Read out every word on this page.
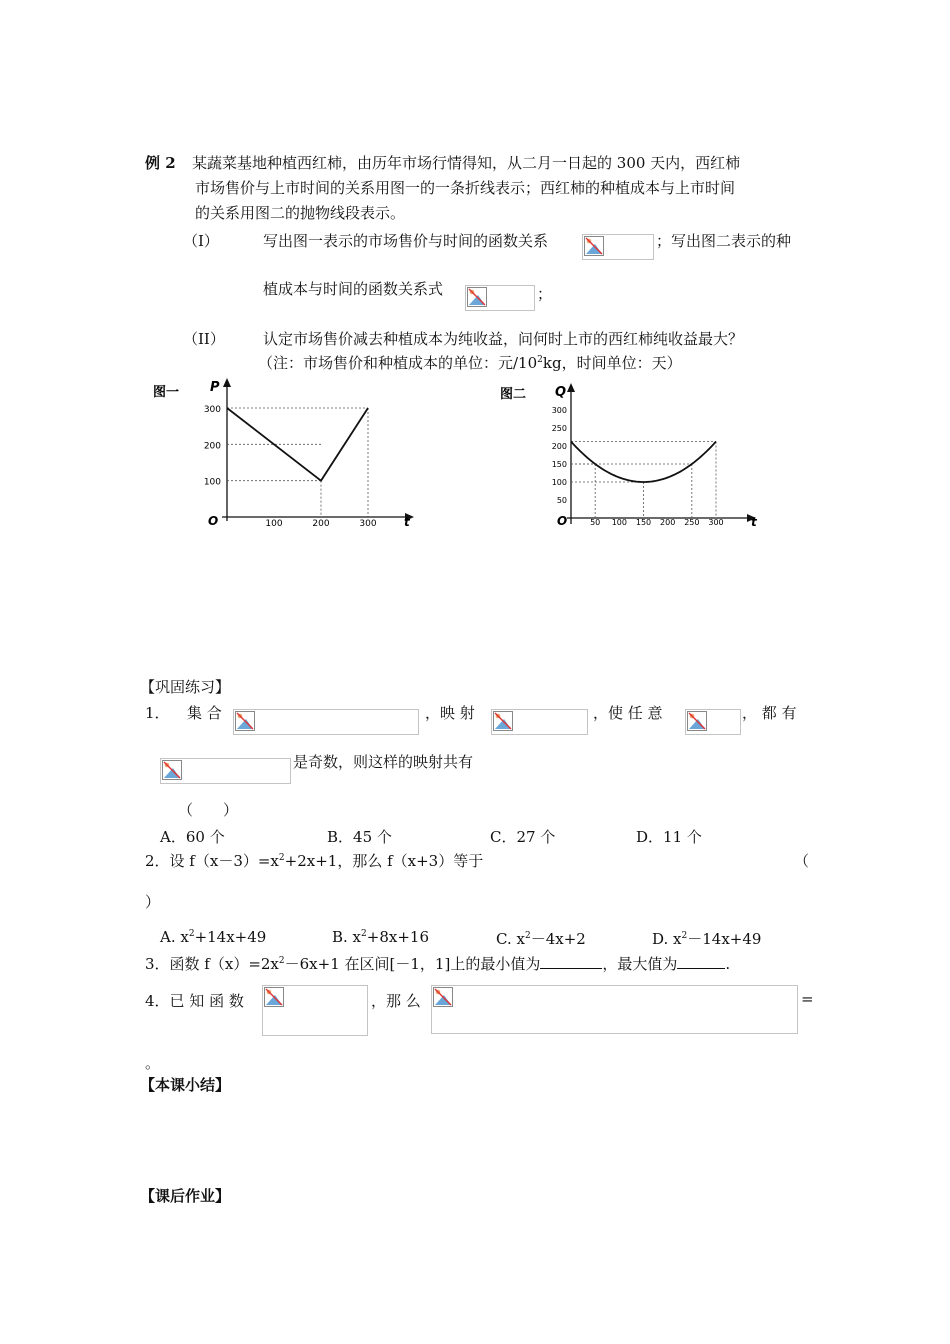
例 2 某蔬菜基地种植西红柿，由历年市场行情得知，从二月一日起的 300 天内，西红柿
市场售价与上市时间的关系用图一的一条折线表示；西红柿的种植成本与上市时间
的关系用图二的抛物线段表示。
（I）	写出图一表示的市场售价与时间的函数关系	；写出图二表示的种
植成本与时间的函数关系式	；
（II）	认定市场售价减去种植成本为纯收益，问何时上市的西红柿纯收益最大？
（注：市场售价和种植成本的单位：元$/10^2kg$，时间单位：天）
图一 P
t
O
100
200
300
100	200	300
图二 Q
t
O
50
100
150
200
250
300
50 100 150 200 250 300
【巩固练习】
1． 集 合	，映 射	，使 任 意	， 都 有
是奇数，则这样的映射共有
（　　）
A．60 个	B．45 个	C．27 个	D．11 个
2．设 $f(x-3)=x^2+2x+1$，那么 f（x+3）等于	（
）
A. $x^2+14x+49$	B. $x^2+8x+16$	C. $x^2-4x+2$	D. $x^2-14x+49$
3．函数 $f(x)=2x^2-6x+1$ 在区间[－1，1]上的最小值为	，最大值为	.
4．已 知 函 数	，那 么	=
。
【本课小结】
【课后作业】
